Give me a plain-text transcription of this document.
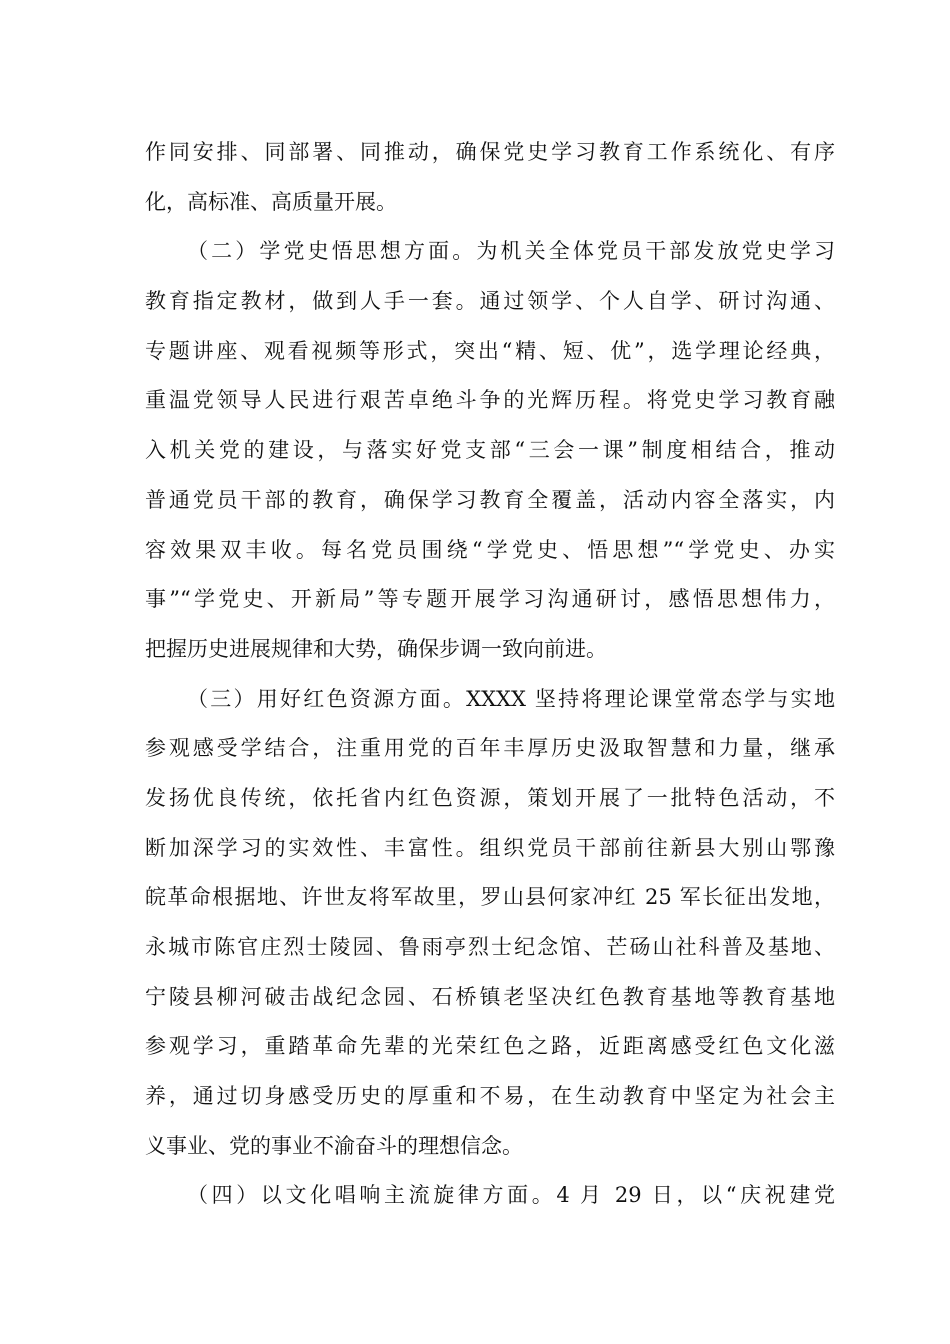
作同安排、同部署、同推动，确保党史学习教育工作系统化、有序
化，高标准、高质量开展。
（二）学党史悟思想方面。为机关全体党员干部发放党史学习
教育指定教材，做到人手一套。通过领学、个人自学、研讨沟通、
专题讲座、观看视频等形式，突出“精、短、优”，选学理论经典，
重温党领导人民进行艰苦卓绝斗争的光辉历程。将党史学习教育融
入机关党的建设，与落实好党支部“三会一课”制度相结合，推动
普通党员干部的教育，确保学习教育全覆盖，活动内容全落实，内
容效果双丰收。每名党员围绕“学党史、悟思想”“学党史、办实
事”“学党史、开新局”等专题开展学习沟通研讨，感悟思想伟力，
把握历史进展规律和大势，确保步调一致向前进。
（三）用好红色资源方面。XXXX 坚持将理论课堂常态学与实地
参观感受学结合，注重用党的百年丰厚历史汲取智慧和力量，继承
发扬优良传统，依托省内红色资源，策划开展了一批特色活动，不
断加深学习的实效性、丰富性。组织党员干部前往新县大别山鄂豫
皖革命根据地、许世友将军故里，罗山县何家冲红 25 军长征出发地，
永城市陈官庄烈士陵园、鲁雨亭烈士纪念馆、芒砀山社科普及基地、
宁陵县柳河破击战纪念园、石桥镇老坚决红色教育基地等教育基地
参观学习，重踏革命先辈的光荣红色之路，近距离感受红色文化滋
养，通过切身感受历史的厚重和不易，在生动教育中坚定为社会主
义事业、党的事业不渝奋斗的理想信念。
（四）以文化唱响主流旋律方面。4 月 29 日，以“庆祝建党
